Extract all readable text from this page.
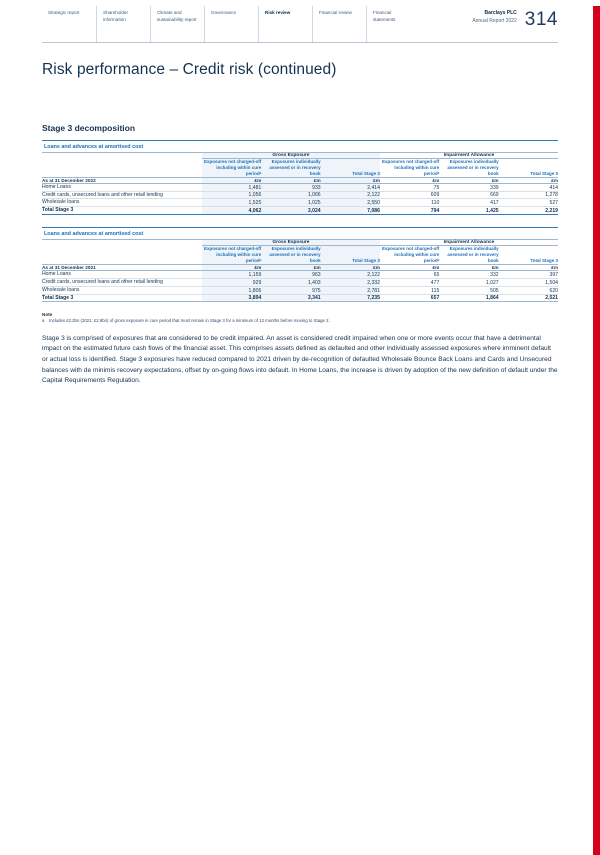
Strategic report	Shareholder information
Climate and sustainability report
Governance	Risk review	Financial review	Financial statements
Barclays PLC
Annual Report 2022 314
Risk performance – Credit risk (continued)
Stage 3 decomposition
Loans and advances at amortised cost
	Gross Exposure			Impairment Allowance		
	Exposures not charged-off including within cure periodᵃ	Exposures individually assessed or in recovery book	Total Stage 3	Exposures not charged-off including within cure periodᵃ	Exposures individually assessed or in recovery book	Total Stage 3
As at 31 December 2022	£m	£m	£m	£m	£m	£m
Home Loans	1,481	933	2,414	75	339	414
Credit cards, unsecured loans and other retail lending	1,056	1,066	2,122	609	669	1,278
Wholesale loans	1,525	1,025	2,550	110	417	527
Total Stage 3	4,062	3,024	7,086	794	1,425	2,219
Loans and advances at amortised cost
	Gross Exposure			Impairment Allowance		
	Exposures not charged-off including within cure periodᵃ	Exposures individually assessed or in recovery book	Total Stage 3	Exposures not charged-off including within cure periodᵃ	Exposures individually assessed or in recovery book	Total Stage 3
As at 31 December 2021	£m	£m	£m	£m	£m	£m
Home Loans	1,159	963	2,122	65	332	397
Credit cards, unsecured loans and other retail lending	929	1,403	2,332	477	1,027	1,504
Wholesale loans	1,806	975	2,781	115	505	620
Total Stage 3	3,894	3,341	7,235	657	1,864	2,521
Note
a Includes £2.2bn (2021: £2.9bn) of gross exposure in cure period that must remain in Stage 3 for a minimum of 12 months before moving to Stage 2.

Stage 3 is comprised of exposures that are considered to be credit impaired. An asset is considered credit impaired when one or more events occur that have a detrimental impact on the estimated future cash flows of the financial asset. This comprises assets defined as defaulted and other individually assessed exposures where imminent default or actual loss is identified. Stage 3 exposures have reduced compared to 2021 driven by de-recognition of defaulted Wholesale Bounce Back Loans and Cards and Unsecured balances with de minimis recovery expectations, offset by on-going flows into default. In Home Loans, the increase is driven by adoption of the new definition of default under the Capital Requirements Regulation.
